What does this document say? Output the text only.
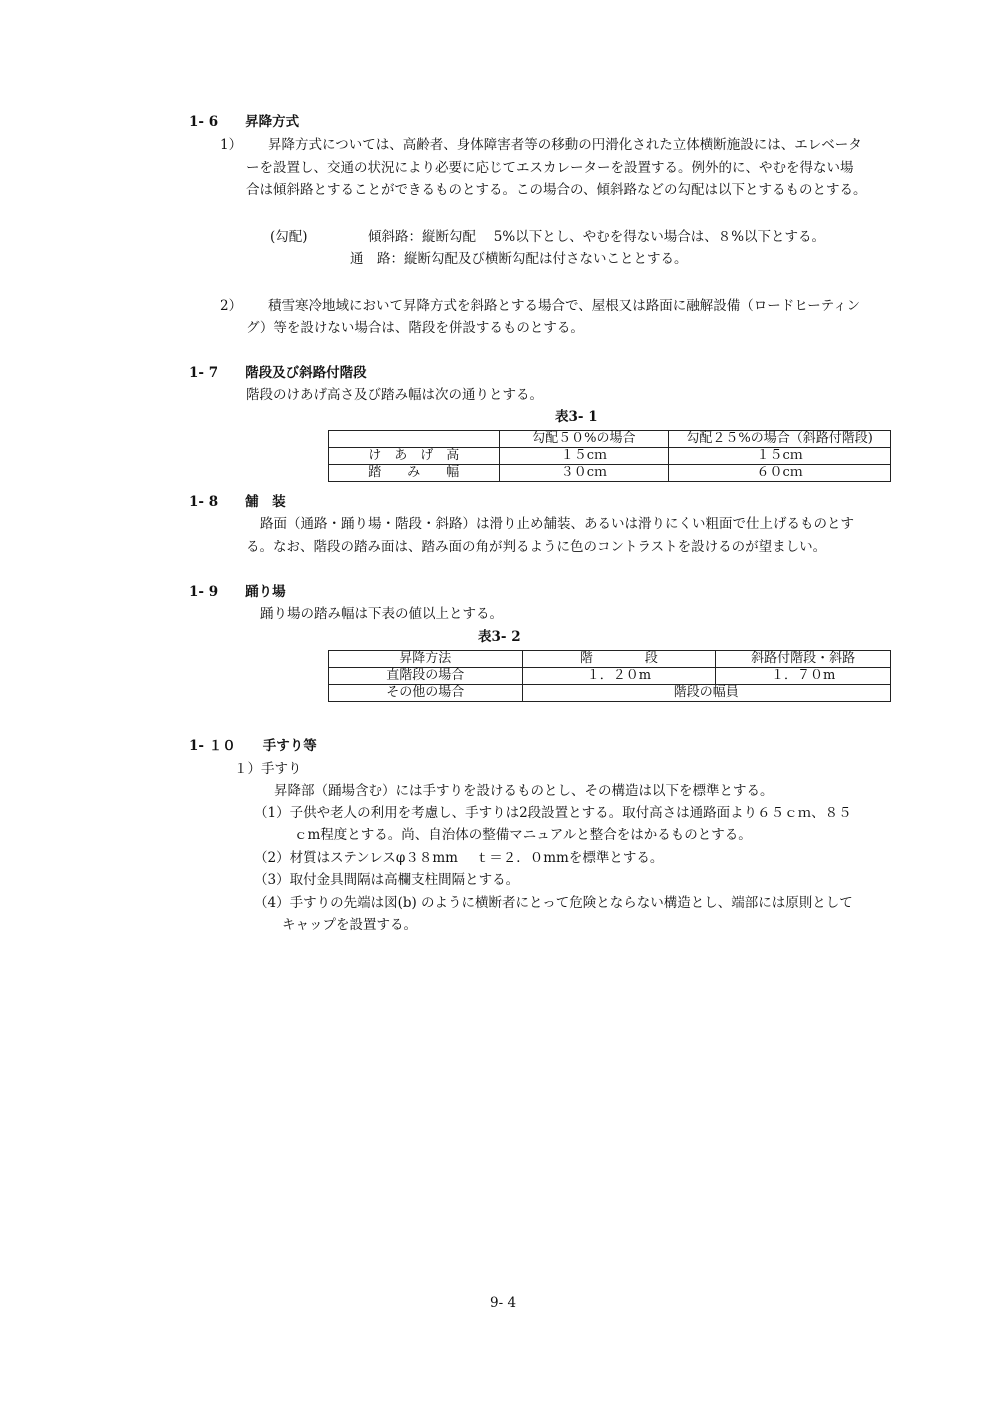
1- 6　　昇降方式
1） 昇降方式については、高齢者、身体障害者等の移動の円滑化された立体横断施設には、エレベータ
ーを設置し、交通の状況により必要に応じてエスカレーターを設置する。例外的に、やむを得ない場
合は傾斜路とすることができるものとする。この場合の、傾斜路などの勾配は以下とするものとする。
(勾配)	傾斜路：縦断勾配　 5%以下とし、やむを得ない場合は、８%以下とする。
通　路：縦断勾配及び横断勾配は付さないこととする。
2） 積雪寒冷地域において昇降方式を斜路とする場合で、屋根又は路面に融解設備（ロードヒーティン
グ）等を設けない場合は、階段を併設するものとする。
1- 7　　階段及び斜路付階段
階段のけあげ高さ及び踏み幅は次の通りとする。
表3- 1
	勾配５０%の場合	勾配２５%の場合（斜路付階段)
け　あ　げ　高	１５cｍ	１５cｍ
踏　　み　　幅	３０cｍ	６０cｍ
1- 8　　舗　装
路面（通路・踊り場・階段・斜路）は滑り止め舗装、あるいは滑りにくい粗面で仕上げるものとす
る。なお、階段の踏み面は、踏み面の角が判るように色のコントラストを設けるのが望ましい。
1- 9　　踊り場
踊り場の踏み幅は下表の値以上とする。
表3- 2
昇降方法	階　　　　段	斜路付階段・斜路
直階段の場合	１．２０m	１．７０m
その他の場合	階段の幅員	
1- １０　　手すり等
１）手すり
昇降部（踊場含む）には手すりを設けるものとし、その構造は以下を標準とする。
（1）子供や老人の利用を考慮し、手すりは2段設置とする。取付高さは通路面より６５ｃｍ、８５
ｃm程度とする。尚、自治体の整備マニュアルと整合をはかるものとする。
（2）材質はステンレスφ３８mm　 ｔ＝２．０mmを標準とする。
（3）取付金具間隔は高欄支柱間隔とする。
（4）手すりの先端は図(b) のように横断者にとって危険とならない構造とし、端部には原則として
キャップを設置する。
9- 4
